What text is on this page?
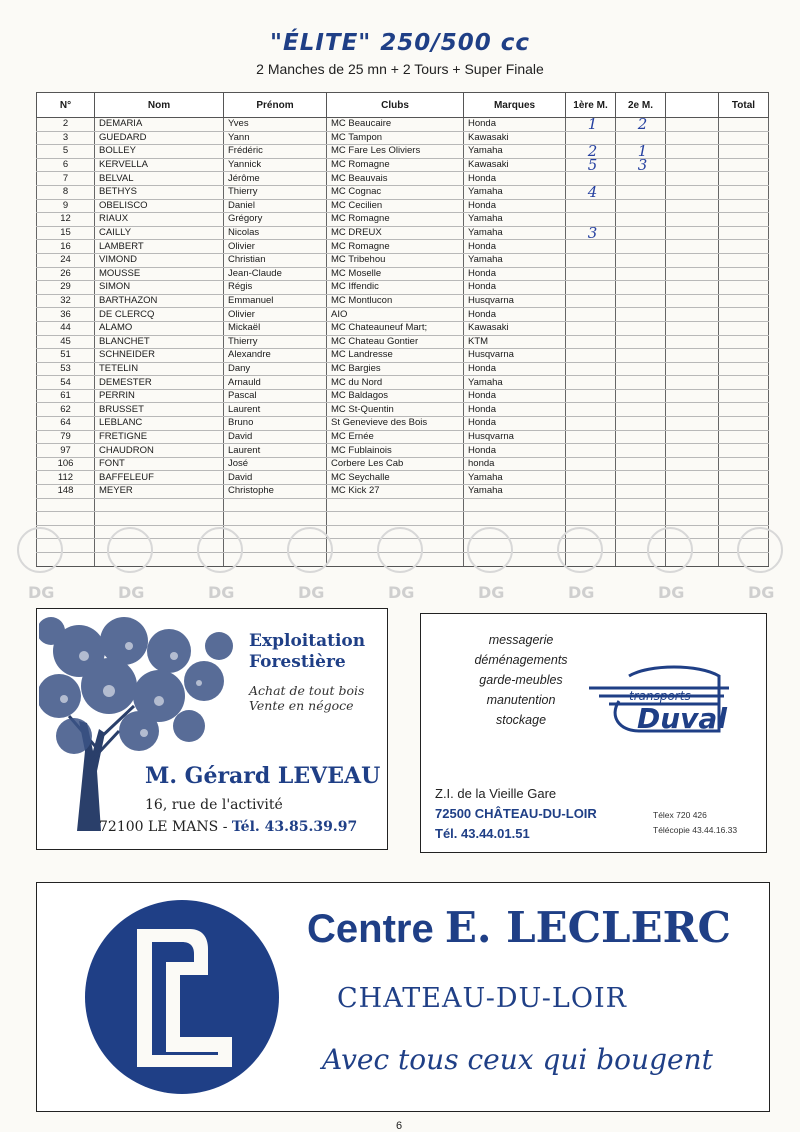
"ÉLITE" 250/500 cc
2 Manches de 25 mn + 2 Tours + Super Finale
N°	Nom	Prénom	Clubs	Marques	1ère M.	2e M.		Total
2	DEMARIA	Yves	MC Beaucaire	Honda	1	2		
3	GUEDARD	Yann	MC Tampon	Kawasaki				
5	BOLLEY	Frédéric	MC Fare Les Oliviers	Yamaha	2	1		
6	KERVELLA	Yannick	MC Romagne	Kawasaki	5	3		
7	BELVAL	Jérôme	MC Beauvais	Honda				
8	BETHYS	Thierry	MC Cognac	Yamaha	4			
9	OBELISCO	Daniel	MC Cecilien	Honda				
12	RIAUX	Grégory	MC Romagne	Yamaha				
15	CAILLY	Nicolas	MC DREUX	Yamaha	3			
16	LAMBERT	Olivier	MC Romagne	Honda				
24	VIMOND	Christian	MC Tribehou	Yamaha				
26	MOUSSE	Jean-Claude	MC Moselle	Honda				
29	SIMON	Régis	MC Iffendic	Honda				
32	BARTHAZON	Emmanuel	MC Montlucon	Husqvarna				
36	DE CLERCQ	Olivier	AIO	Honda				
44	ALAMO	Mickaël	MC Chateauneuf Mart;	Kawasaki				
45	BLANCHET	Thierry	MC Chateau Gontier	KTM				
51	SCHNEIDER	Alexandre	MC Landresse	Husqvarna				
53	TETELIN	Dany	MC Bargies	Honda				
54	DEMESTER	Arnauld	MC du Nord	Yamaha				
61	PERRIN	Pascal	MC Baldagos	Honda				
62	BRUSSET	Laurent	MC St-Quentin	Honda				
64	LEBLANC	Bruno	St Genevieve des Bois	Honda				
79	FRETIGNE	David	MC Ernée	Husqvarna				
97	CHAUDRON	Laurent	MC Fublainois	Honda				
106	FONT	José	Corbere Les Cab	honda				
112	BAFFELEUF	David	MC Seychalle	Yamaha				
148	MEYER	Christophe	MC Kick 27	Yamaha				

DG	DG	DG	DG	DG	DG	DG	DG	DG
Exploitation
Forestière
Achat de tout bois
Vente en négoce
M. Gérard LEVEAU
16, rue de l'activité
72100 LE MANS - Tél. 43.85.39.97
messagerie
déménagements
garde-meubles
manutention
stockage
transports
Duval
Z.I. de la Vieille Gare
72500 CHÂTEAU-DU-LOIR
Tél. 43.44.01.51
Télex 720 426
Télécopie 43.44.16.33
Centre E. LECLERC
CHATEAU-DU-LOIR
Avec tous ceux qui bougent
6
